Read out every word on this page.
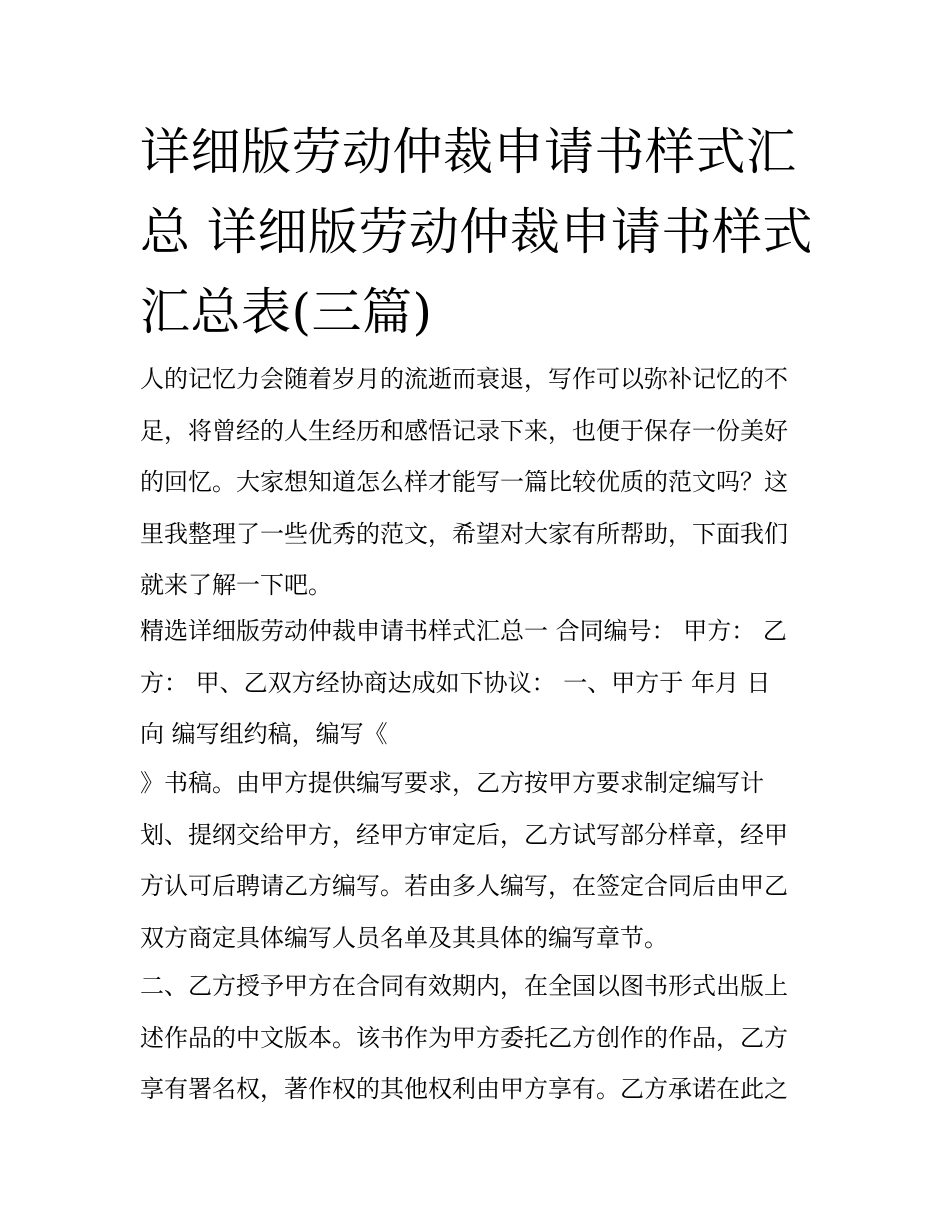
详细版劳动仲裁申请书样式汇
总 详细版劳动仲裁申请书样式
汇总表(三篇)
人的记忆力会随着岁月的流逝而衰退，写作可以弥补记忆的不
足，将曾经的人生经历和感悟记录下来，也便于保存一份美好
的回忆。大家想知道怎么样才能写一篇比较优质的范文吗？这
里我整理了一些优秀的范文，希望对大家有所帮助，下面我们
就来了解一下吧。
精选详细版劳动仲裁申请书样式汇总一 合同编号： 甲方： 乙
方： 甲、乙双方经协商达成如下协议： 一、甲方于 年月 日
向 编写组约稿，编写《
》书稿。由甲方提供编写要求，乙方按甲方要求制定编写计
划、提纲交给甲方，经甲方审定后，乙方试写部分样章，经甲
方认可后聘请乙方编写。若由多人编写，在签定合同后由甲乙
双方商定具体编写人员名单及其具体的编写章节。
二、乙方授予甲方在合同有效期内，在全国以图书形式出版上
述作品的中文版本。该书作为甲方委托乙方创作的作品，乙方
享有署名权，著作权的其他权利由甲方享有。乙方承诺在此之
